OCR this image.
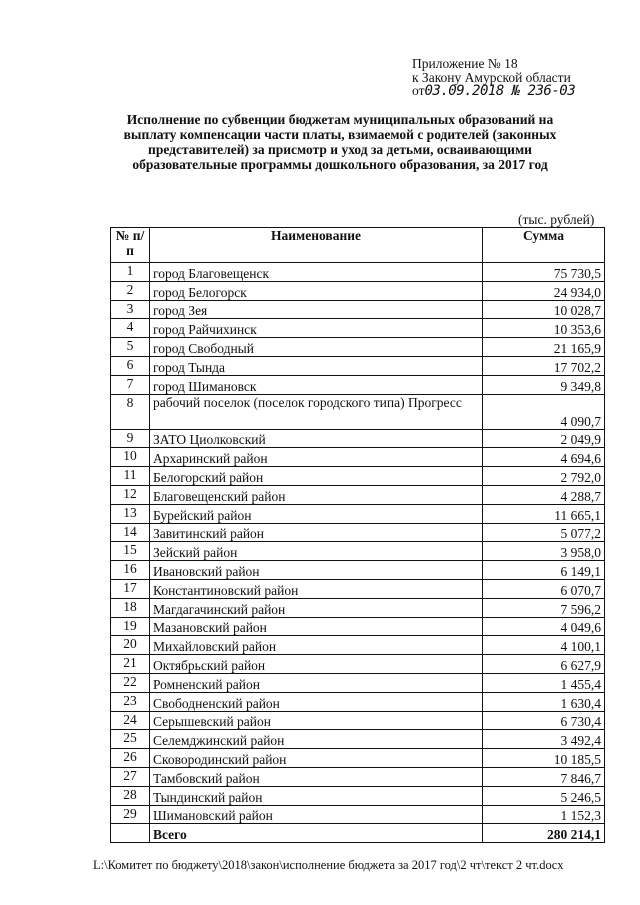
Приложение № 18
к Закону Амурской области
от03.09.2018 № 236-03
Исполнение по субвенции бюджетам муниципальных образований на выплату компенсации части платы, взимаемой с родителей (законных представителей) за присмотр и уход за детьми, осваивающими образовательные программы дошкольного образования, за 2017 год
(тыс. рублей)
№ п/п	Наименование	Сумма
1	город Благовещенск	75 730,5
2	город Белогорск	24 934,0
3	город Зея	10 028,7
4	город Райчихинск	10 353,6
5	город Свободный	21 165,9
6	город Тында	17 702,2
7	город Шимановск	9 349,8
8	рабочий поселок (поселок городского типа) Прогресс	4 090,7
9	ЗАТО Циолковский	2 049,9
10	Архаринский район	4 694,6
11	Белогорский район	2 792,0
12	Благовещенский район	4 288,7
13	Бурейский район	11 665,1
14	Завитинский район	5 077,2
15	Зейский район	3 958,0
16	Ивановский район	6 149,1
17	Константиновский район	6 070,7
18	Магдагачинский район	7 596,2
19	Мазановский район	4 049,6
20	Михайловский район	4 100,1
21	Октябрьский район	6 627,9
22	Ромненский район	1 455,4
23	Свободненский район	1 630,4
24	Серышевский район	6 730,4
25	Селемджинский район	3 492,4
26	Сковородинский район	10 185,5
27	Тамбовский район	7 846,7
28	Тындинский район	5 246,5
29	Шимановский район	1 152,3
	Всего	280 214,1
L:\Комитет по бюджету\2018\закон\исполнение бюджета за 2017 год\2 чт\текст 2 чт.docx
